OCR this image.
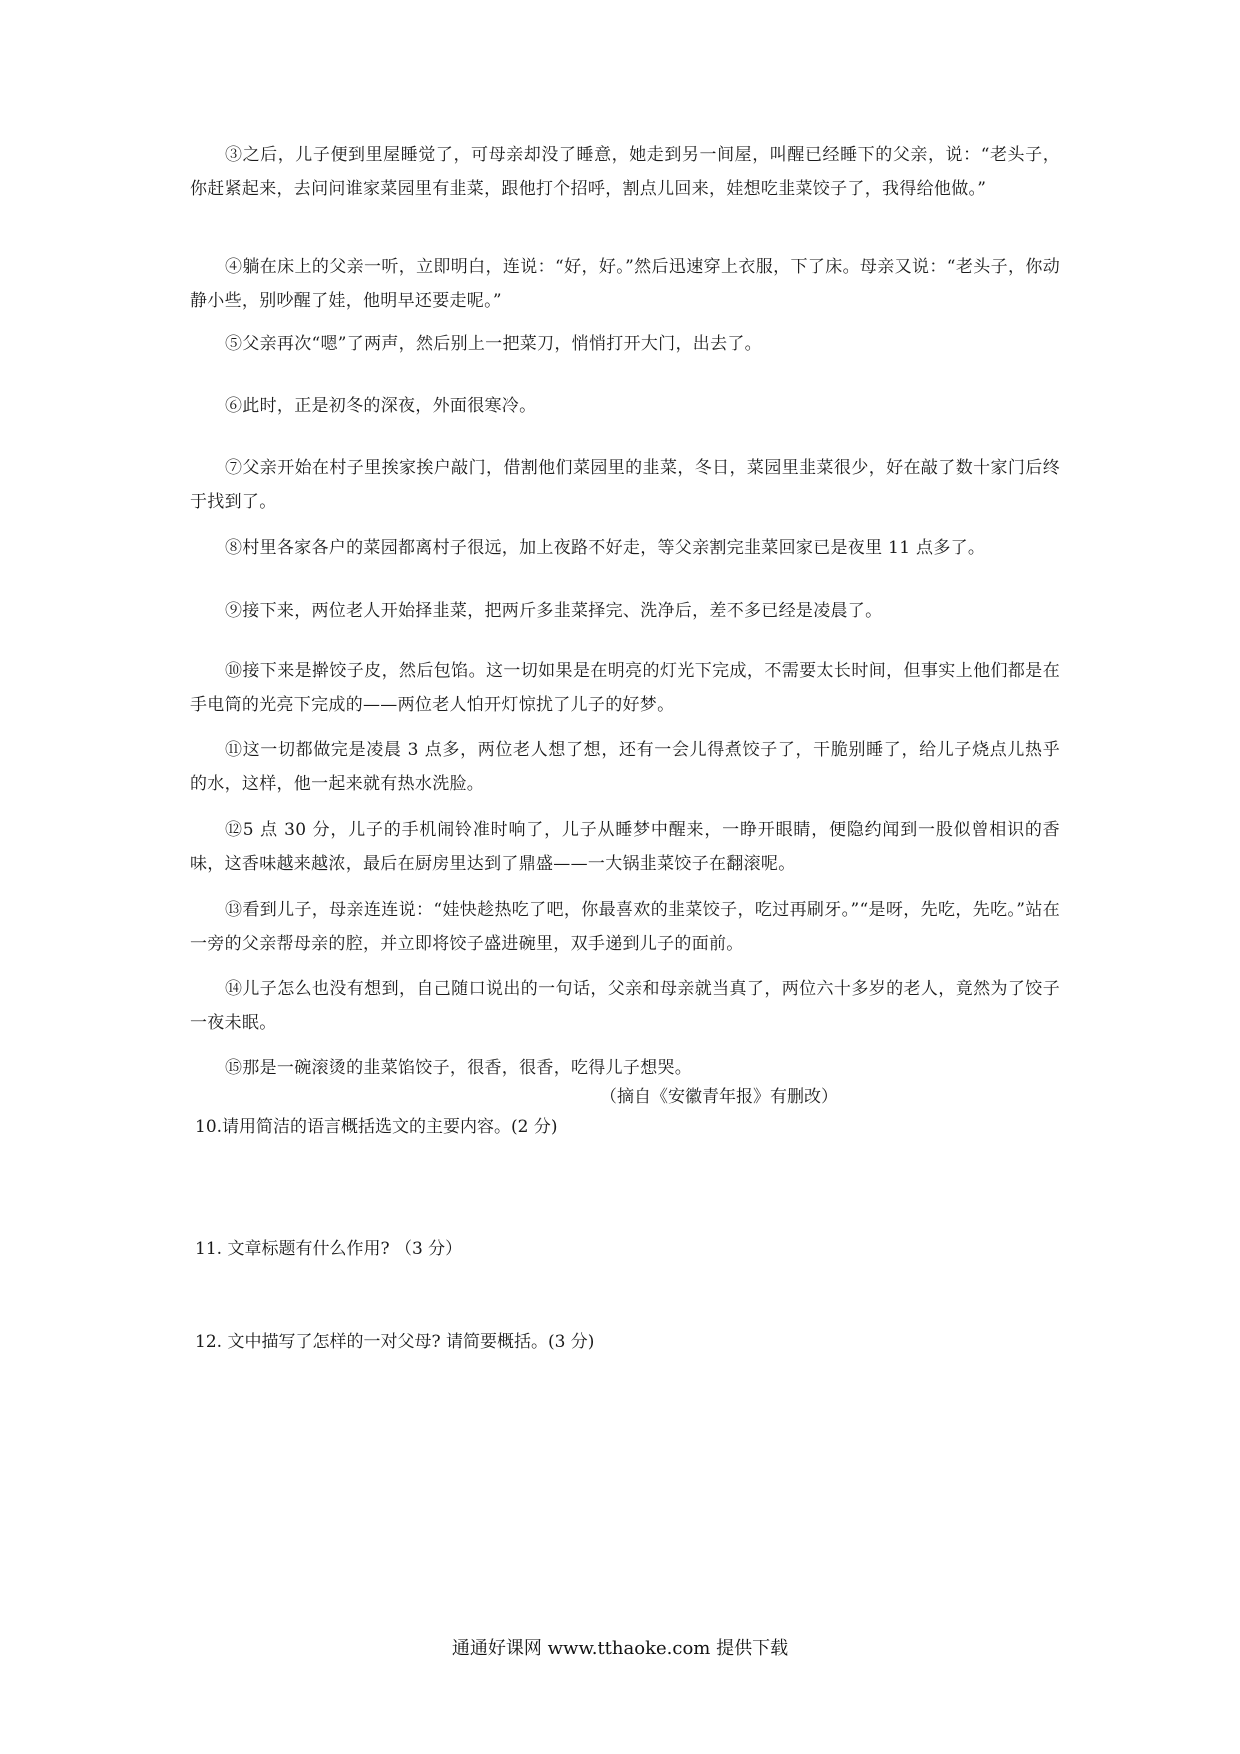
③之后，儿子便到里屋睡觉了，可母亲却没了睡意，她走到另一间屋，叫醒已经睡下的父亲，说：“老头子，你赶紧起来，去问问谁家菜园里有韭菜，跟他打个招呼，割点儿回来，娃想吃韭菜饺子了，我得给他做。”

④躺在床上的父亲一听，立即明白，连说：“好，好。”然后迅速穿上衣服，下了床。母亲又说：“老头子，你动静小些，别吵醒了娃，他明早还要走呢。”

⑤父亲再次“嗯”了两声，然后别上一把菜刀，悄悄打开大门，出去了。

⑥此时，正是初冬的深夜，外面很寒冷。

⑦父亲开始在村子里挨家挨户敲门，借割他们菜园里的韭菜，冬日，菜园里韭菜很少，好在敲了数十家门后终于找到了。

⑧村里各家各户的菜园都离村子很远，加上夜路不好走，等父亲割完韭菜回家已是夜里 11 点多了。

⑨接下来，两位老人开始择韭菜，把两斤多韭菜择完、洗净后，差不多已经是凌晨了。

⑩接下来是擀饺子皮，然后包馅。这一切如果是在明亮的灯光下完成，不需要太长时间，但事实上他们都是在手电筒的光亮下完成的——两位老人怕开灯惊扰了儿子的好梦。

⑪这一切都做完是凌晨 3 点多，两位老人想了想，还有一会儿得煮饺子了，干脆别睡了，给儿子烧点儿热乎的水，这样，他一起来就有热水洗脸。

⑫5 点 30 分，儿子的手机闹铃准时响了，儿子从睡梦中醒来，一睁开眼睛，便隐约闻到一股似曾相识的香味，这香味越来越浓，最后在厨房里达到了鼎盛——一大锅韭菜饺子在翻滚呢。

⑬看到儿子，母亲连连说：“娃快趁热吃了吧，你最喜欢的韭菜饺子，吃过再刷牙。”“是呀，先吃，先吃。”站在一旁的父亲帮母亲的腔，并立即将饺子盛进碗里，双手递到儿子的面前。

⑭儿子怎么也没有想到，自己随口说出的一句话，父亲和母亲就当真了，两位六十多岁的老人，竟然为了饺子一夜未眠。

⑮那是一碗滚烫的韭菜馅饺子，很香，很香，吃得儿子想哭。

（摘自《安徽青年报》有删改）
10.请用简洁的语言概括选文的主要内容。(2 分)
11. 文章标题有什么作用? （3 分）
12. 文中描写了怎样的一对父母? 请简要概括。(3 分)
通通好课网 www.tthaoke.com 提供下载
